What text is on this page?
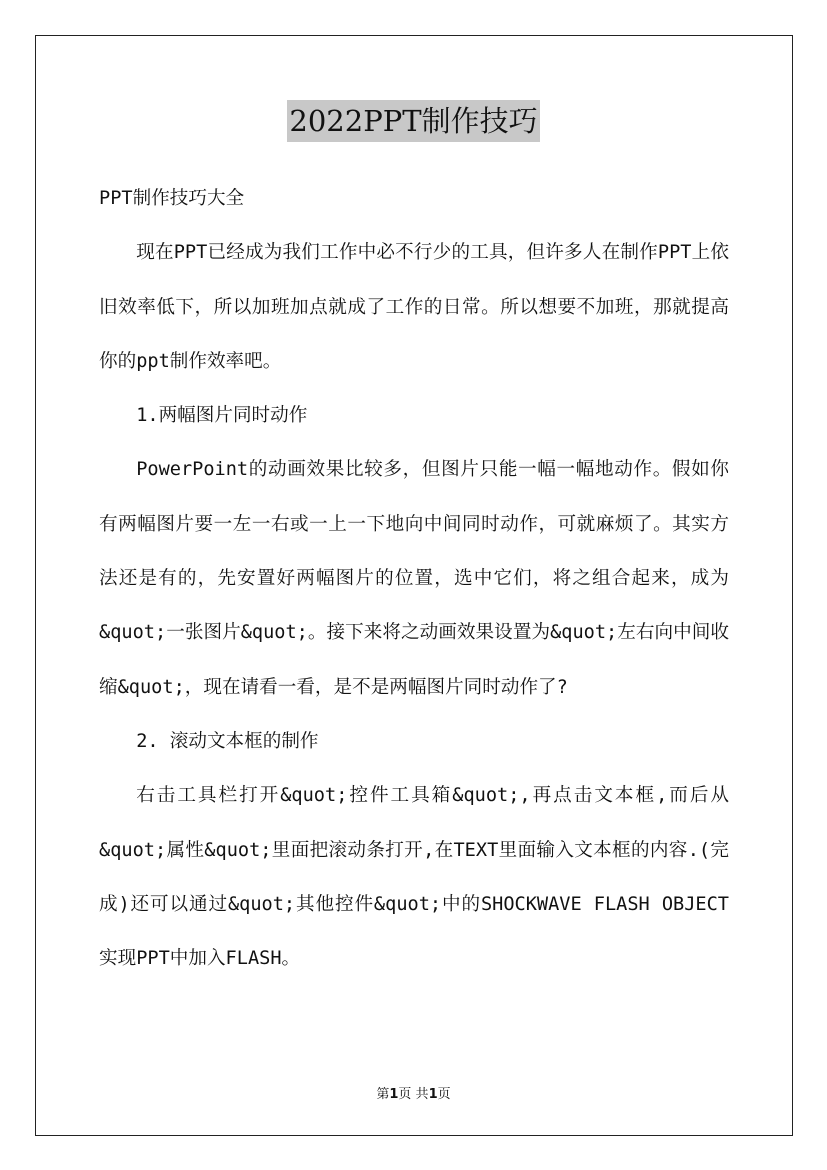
2022PPT制作技巧

PPT制作技巧大全

现在PPT已经成为我们工作中必不行少的工具，但许多人在制作PPT上依旧效率低下，所以加班加点就成了工作的日常。所以想要不加班，那就提高你的ppt制作效率吧。

1.两幅图片同时动作

PowerPoint的动画效果比较多，但图片只能一幅一幅地动作。假如你有两幅图片要一左一右或一上一下地向中间同时动作，可就麻烦了。其实方法还是有的，先安置好两幅图片的位置，选中它们，将之组合起来，成为&quot;一张图片&quot;。接下来将之动画效果设置为&quot;左右向中间收缩&quot;，现在请看一看，是不是两幅图片同时动作了?

2. 滚动文本框的制作

右击工具栏打开&quot;控件工具箱&quot;,再点击文本框,而后从&quot;属性&quot;里面把滚动条打开,在TEXT里面输入文本框的内容.(完成)还可以通过&quot;其他控件&quot;中的SHOCKWAVE FLASH OBJECT 实现PPT中加入FLASH。

第1页 共1页
